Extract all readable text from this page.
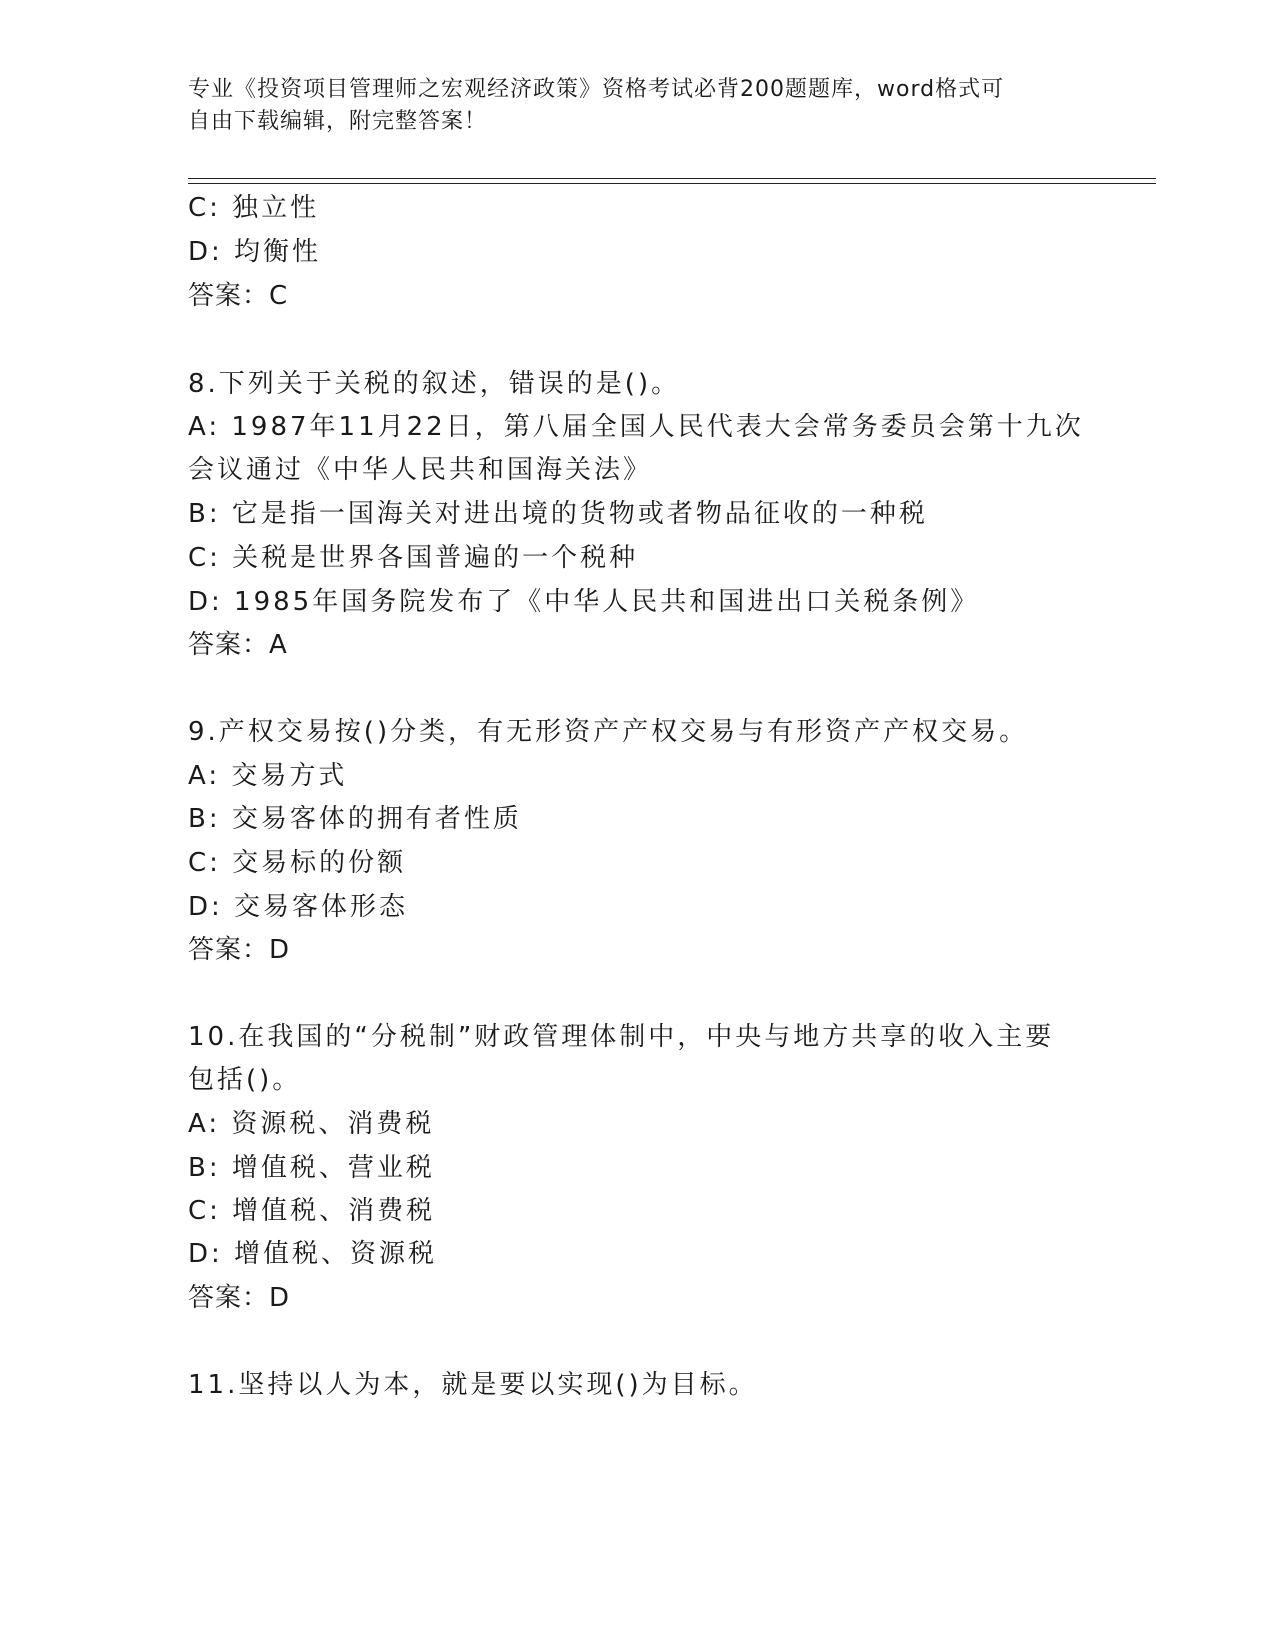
专业《投资项目管理师之宏观经济政策》资格考试必背200题题库，word格式可
自由下载编辑，附完整答案！
C: 独立性
D: 均衡性
答案：C
8.下列关于关税的叙述，错误的是()。
A: 1987年11月22日，第八届全国人民代表大会常务委员会第十九次
会议通过《中华人民共和国海关法》
B: 它是指一国海关对进出境的货物或者物品征收的一种税
C: 关税是世界各国普遍的一个税种
D: 1985年国务院发布了《中华人民共和国进出口关税条例》
答案：A
9.产权交易按()分类，有无形资产产权交易与有形资产产权交易。
A: 交易方式
B: 交易客体的拥有者性质
C: 交易标的份额
D: 交易客体形态
答案：D
10.在我国的“分税制”财政管理体制中，中央与地方共享的收入主要
包括()。
A: 资源税、消费税
B: 增值税、营业税
C: 增值税、消费税
D: 增值税、资源税
答案：D
11.坚持以人为本，就是要以实现()为目标。
